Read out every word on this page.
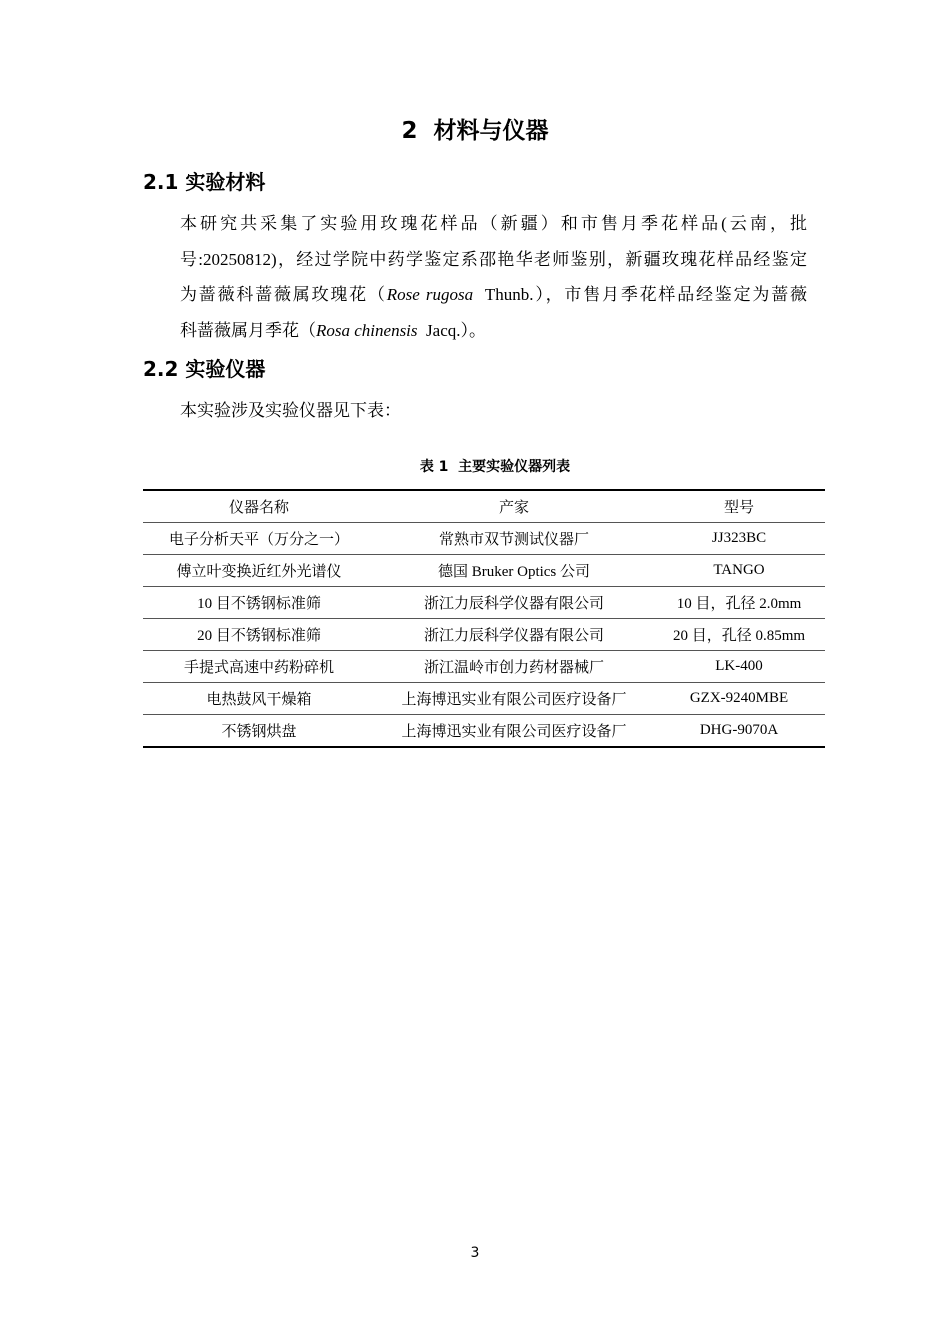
2  材料与仪器
2.1 实验材料

本研究共采集了实验用玫瑰花样品（新疆）和市售月季花样品(云南，批
号:20250812)，经过学院中药学鉴定系邵艳华老师鉴别，新疆玫瑰花样品经鉴定
为蔷薇科蔷薇属玫瑰花（Rose rugosa  Thunb.），市售月季花样品经鉴定为蔷薇
科蔷薇属月季花（Rosa chinensis  Jacq.）。

2.2 实验仪器

本实验涉及实验仪器见下表：

表 1  主要实验仪器列表
仪器名称	产家	型号
电子分析天平（万分之一）	常熟市双节测试仪器厂	JJ323BC
傅立叶变换近红外光谱仪	德国 Bruker Optics 公司	TANGO
10 目不锈钢标准筛	浙江力辰科学仪器有限公司	10 目，孔径 2.0mm
20 目不锈钢标准筛	浙江力辰科学仪器有限公司	20 目，孔径 0.85mm
手提式高速中药粉碎机	浙江温岭市创力药材器械厂	LK-400
电热鼓风干燥箱	上海博迅实业有限公司医疗设备厂	GZX-9240MBE
不锈钢烘盘	上海博迅实业有限公司医疗设备厂	DHG-9070A
3
